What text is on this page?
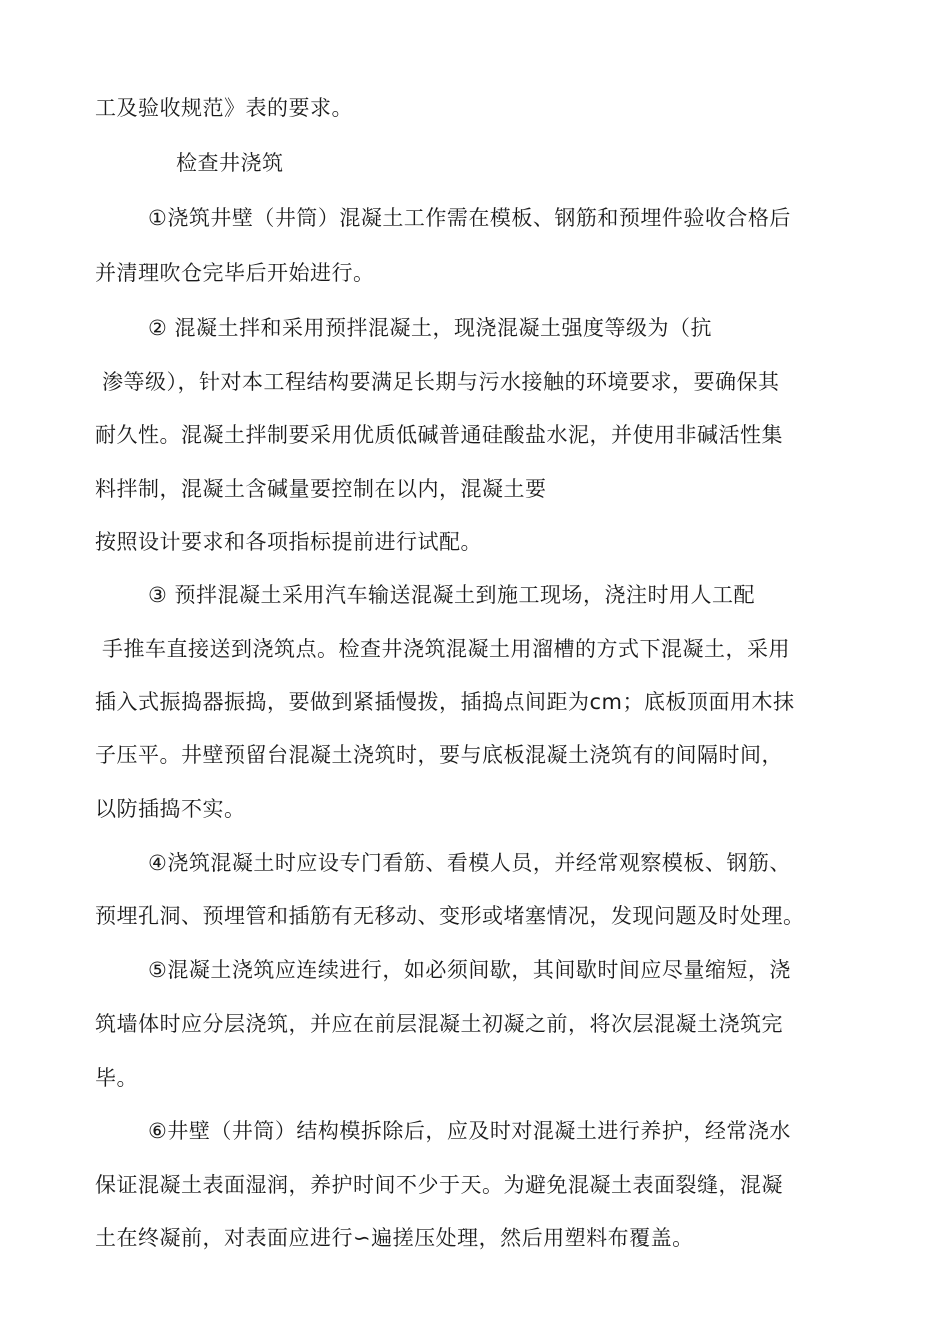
工及验收规范》表的要求。
检查井浇筑
①浇筑井壁（井筒）混凝土工作需在模板、钢筋和预埋件验收合格后
并清理吹仓完毕后开始进行。
② 混凝土拌和采用预拌混凝土，现浇混凝土强度等级为（抗
渗等级），针对本工程结构要满足长期与污水接触的环境要求，要确保其
耐久性。混凝土拌制要采用优质低碱普通硅酸盐水泥，并使用非碱活性集
料拌制，混凝土含碱量要控制在以内，混凝土要
按照设计要求和各项指标提前进行试配。
③ 预拌混凝土采用汽车输送混凝土到施工现场，浇注时用人工配
手推车直接送到浇筑点。检查井浇筑混凝土用溜槽的方式下混凝土，采用
插入式振捣器振捣，要做到紧插慢拨，插捣点间距为cm；底板顶面用木抹
子压平。井壁预留台混凝土浇筑时，要与底板混凝土浇筑有的间隔时间，
以防插捣不实。
④浇筑混凝土时应设专门看筋、看模人员，并经常观察模板、钢筋、
预埋孔洞、预埋管和插筋有无移动、变形或堵塞情况，发现问题及时处理。
⑤混凝土浇筑应连续进行，如必须间歇，其间歇时间应尽量缩短，浇
筑墙体时应分层浇筑，并应在前层混凝土初凝之前，将次层混凝土浇筑完
毕。
⑥井壁（井筒）结构模拆除后，应及时对混凝土进行养护，经常浇水
保证混凝土表面湿润，养护时间不少于天。为避免混凝土表面裂缝，混凝
土在终凝前，对表面应进行∽遍搓压处理，然后用塑料布覆盖。
